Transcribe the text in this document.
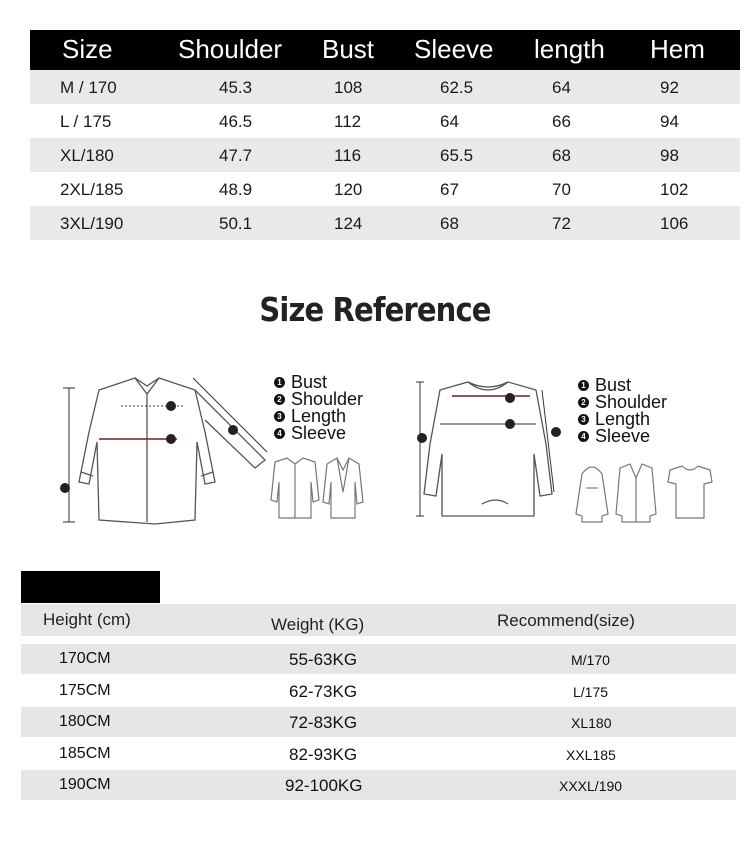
Size	Shoulder Bust Sleeve length Hem
M / 170	45.3	108	62.5	64	92
L / 175	46.5	112	64	66	94
XL/180	47.7	116	65.5	68	98
2XL/185	48.9	120	67	70	102
3XL/190	50.1	124	68	72	106
Size Reference
1 Bust
2 Shoulder
3 Length
4 Sleeve
1 Bust
2 Shoulder
3 Length
4 Sleeve
Height (cm)	Weight (KG)	Recommend(size)
170CM	55-63KG	M/170
175CM	62-73KG	L/175
180CM	72-83KG	XL180
185CM	82-93KG	XXL185
190CM	92-100KG	XXXL/190
